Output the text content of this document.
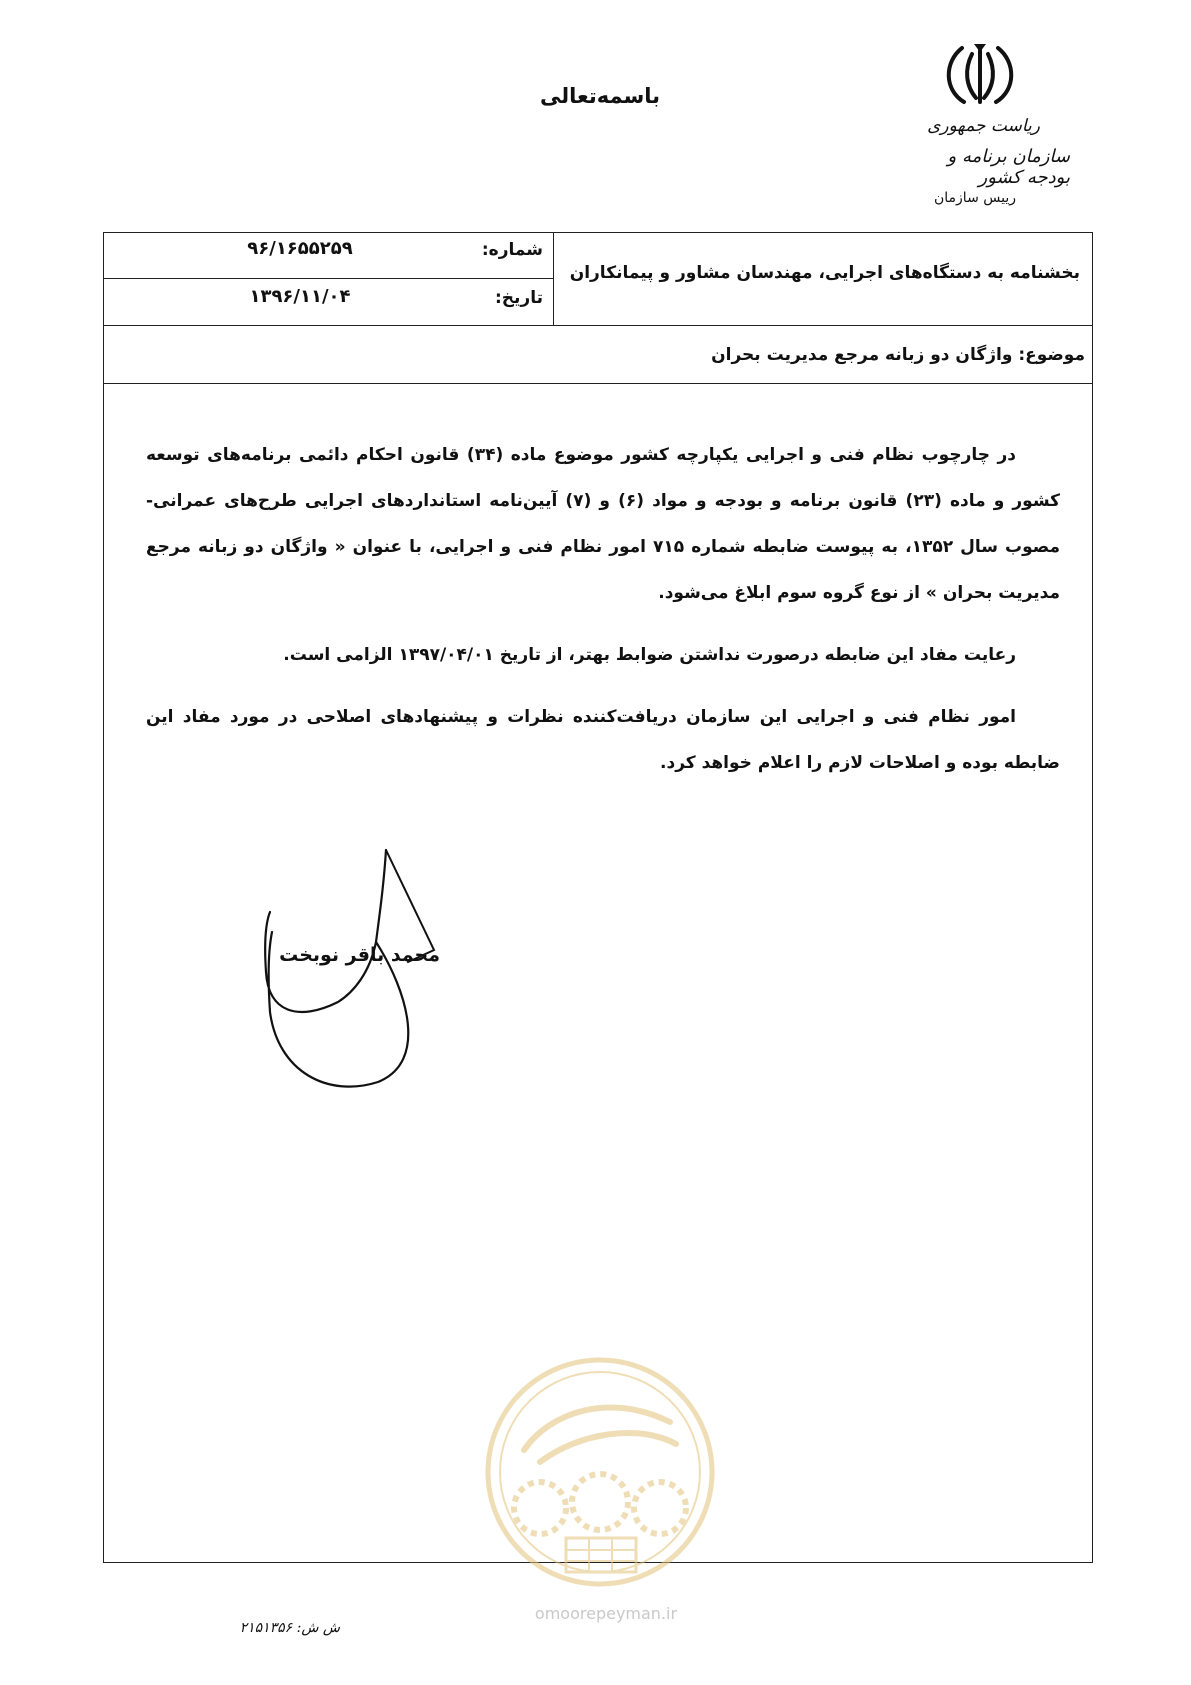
باسمه‌تعالی
ریاست جمهوری
سازمان برنامه و بودجه کشور
رییس سازمان
شماره:
۹۶/۱۶۵۵۲۵۹
تاریخ:
۱۳۹۶/۱۱/۰۴
بخشنامه به دستگاه‌های اجرایی، مهندسان مشاور و پیمانکاران
موضوع: واژگان دو زبانه مرجع مدیریت بحران

در چارچوب نظام فنی و اجرایی یکپارچه کشور موضوع ماده (۳۴) قانون احکام دائمی برنامه‌های توسعه کشور و ماده (۲۳) قانون برنامه و بودجه و مواد (۶) و (۷) آیین‌نامه استانداردهای اجرایی طرح‌های عمرانی- مصوب سال ۱۳۵۲، به پیوست ضابطه شماره ۷۱۵ امور نظام فنی و اجرایی، با عنوان « واژگان دو زبانه مرجع مدیریت بحران » از نوع گروه سوم ابلاغ می‌شود.

رعایت مفاد این ضابطه درصورت نداشتن ضوابط بهتر، از تاریخ ۱۳۹۷/۰۴/۰۱ الزامی است.

امور نظام فنی و اجرایی این سازمان دریافت‌کننده نظرات و پیشنهادهای اصلاحی در مورد مفاد این ضابطه بوده و اصلاحات لازم را اعلام خواهد کرد.

محمد باقر نوبخت
omoorepeyman.ir
ش ش: ۲۱۵۱۳۵۶
